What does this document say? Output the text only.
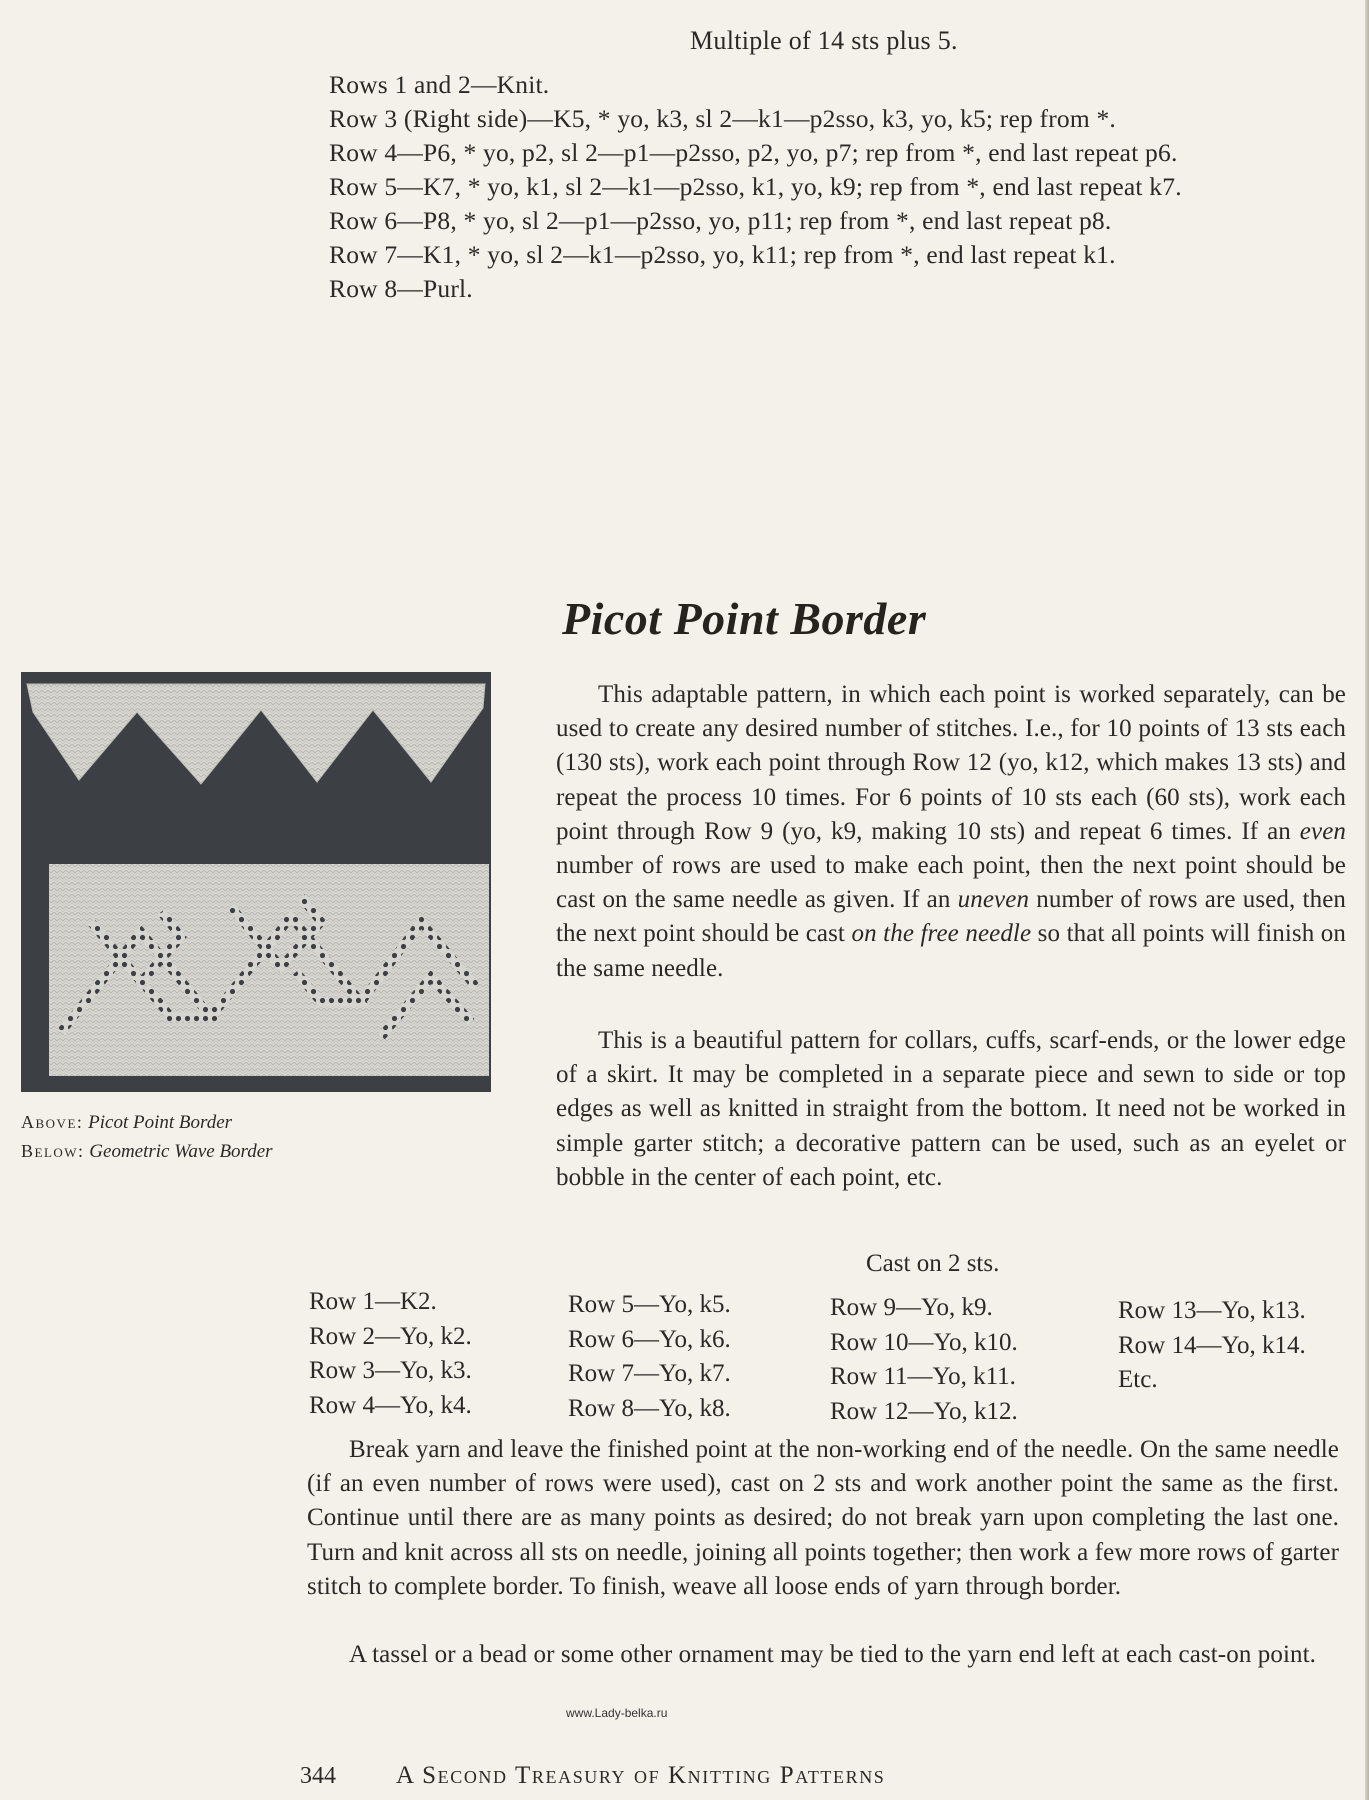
Multiple of 14 sts plus 5.
Rows 1 and 2—Knit.
Row 3 (Right side)—K5, * yo, k3, sl 2—k1—p2sso, k3, yo, k5; rep from *.
Row 4—P6, * yo, p2, sl 2—p1—p2sso, p2, yo, p7; rep from *, end last repeat p6.
Row 5—K7, * yo, k1, sl 2—k1—p2sso, k1, yo, k9; rep from *, end last repeat k7.
Row 6—P8, * yo, sl 2—p1—p2sso, yo, p11; rep from *, end last repeat p8.
Row 7—K1, * yo, sl 2—k1—p2sso, yo, k11; rep from *, end last repeat k1.
Row 8—Purl.
Picot Point Border
Above: Picot Point Border
Below: Geometric Wave Border

This adaptable pattern, in which each point is worked separately, can be used to create any desired number of stitches. I.e., for 10 points of 13 sts each (130 sts), work each point through Row 12 (yo, k12, which makes 13 sts) and repeat the process 10 times. For 6 points of 10 sts each (60 sts), work each point through Row 9 (yo, k9, making 10 sts) and repeat 6 times. If an even number of rows are used to make each point, then the next point should be cast on the same needle as given. If an uneven number of rows are used, then the next point should be cast on the free needle so that all points will finish on the same needle.

This is a beautiful pattern for collars, cuffs, scarf-ends, or the lower edge of a skirt. It may be completed in a separate piece and sewn to side or top edges as well as knitted in straight from the bottom. It need not be worked in simple garter stitch; a decorative pattern can be used, such as an eyelet or bobble in the center of each point, etc.

Cast on 2 sts.
Row 1—K2.
Row 2—Yo, k2.
Row 3—Yo, k3.
Row 4—Yo, k4.
Row 5—Yo, k5.
Row 6—Yo, k6.
Row 7—Yo, k7.
Row 8—Yo, k8.
Row 9—Yo, k9.
Row 10—Yo, k10.
Row 11—Yo, k11.
Row 12—Yo, k12.
Row 13—Yo, k13.
Row 14—Yo, k14.
Etc.

Break yarn and leave the finished point at the non-working end of the needle. On the same needle (if an even number of rows were used), cast on 2 sts and work another point the same as the first. Continue until there are as many points as desired; do not break yarn upon completing the last one. Turn and knit across all sts on needle, joining all points together; then work a few more rows of garter stitch to complete border. To finish, weave all loose ends of yarn through border.

A tassel or a bead or some other ornament may be tied to the yarn end left at each cast-on point.

www.Lady-belka.ru
344 A Second Treasury of Knitting Patterns
